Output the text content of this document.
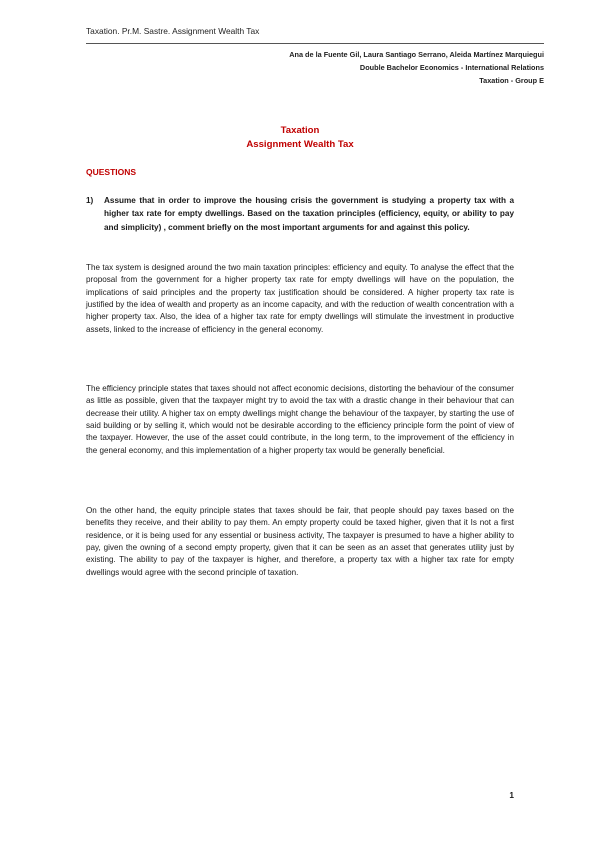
Taxation. Pr.M. Sastre. Assignment Wealth Tax
Ana de la Fuente Gil, Laura Santiago Serrano, Aleida Martínez Marquiegui
Double Bachelor Economics - International Relations
Taxation - Group E
Taxation
Assignment Wealth Tax
QUESTIONS
1) Assume that in order to improve the housing crisis the government is studying a property tax with a higher tax rate for empty dwellings. Based on the taxation principles (efficiency, equity, or ability to pay and simplicity) , comment briefly on the most important arguments for and against this policy.
The tax system is designed around the two main taxation principles: efficiency and equity. To analyse the effect that the proposal from the government for a higher property tax rate for empty dwellings will have on the population, the implications of said principles and the property tax justification should be considered. A higher property tax rate is justified by the idea of wealth and property as an income capacity, and with the reduction of wealth concentration with a higher property tax. Also, the idea of a higher tax rate for empty dwellings will stimulate the investment in productive assets, linked to the increase of efficiency in the general economy.
The efficiency principle states that taxes should not affect economic decisions, distorting the behaviour of the consumer as little as possible, given that the taxpayer might try to avoid the tax with a drastic change in their behaviour that can decrease their utility. A higher tax on empty dwellings might change the behaviour of the taxpayer, by starting the use of said building or by selling it, which would not be desirable according to the efficiency principle form the point of view of the taxpayer. However, the use of the asset could contribute, in the long term, to the improvement of the efficiency in the general economy, and this implementation of a higher property tax would be generally beneficial.
On the other hand, the equity principle states that taxes should be fair, that people should pay taxes based on the benefits they receive, and their ability to pay them. An empty property could be taxed higher, given that it Is not a first residence, or it is being used for any essential or business activity, The taxpayer is presumed to have a higher ability to pay, given the owning of a second empty property, given that it can be seen as an asset that generates utility just by existing. The ability to pay of the taxpayer is higher, and therefore, a property tax with a higher tax rate for empty dwellings would agree with the second principle of taxation.
1
